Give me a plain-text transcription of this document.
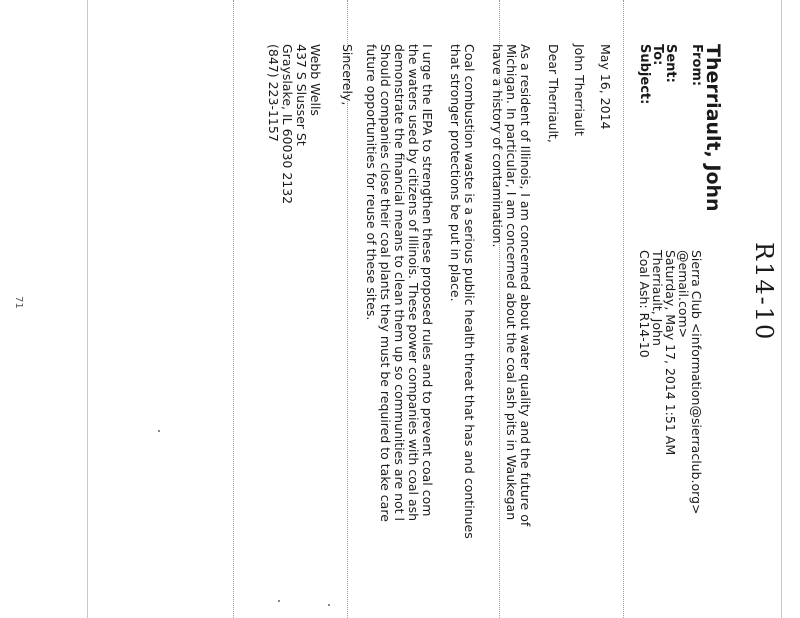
R14-10
Therriault, John
From:
Sierra Club <information@sierraclub.org>
@email.com>
Sent:
Saturday, May 17, 2014 1:51 AM
To:
Therriault, John
Subject:
Coal Ash: R14-10
May 16, 2014
John Therriault
Dear Therriault,
As a resident of Illinois, I am concerned about water quality and the future of
Michigan. In particular, I am concerned about the coal ash pits in Waukegan
have a history of contamination.
Coal combustion waste is a serious public health threat that has and continues
that stronger protections be put in place.
I urge the IEPA to strengthen these proposed rules and to prevent coal com
the waters used by citizens of Illinois. These power companies with coal ash
demonstrate the financial means to clean them up so communities are not l
Should companies close their coal plants they must be required to take care
future opportunities for reuse of these sites.
Sincerely,
Webb Wells
437 S Slusser St
Grayslake, IL 60030 2132
(847) 223-1157
71
